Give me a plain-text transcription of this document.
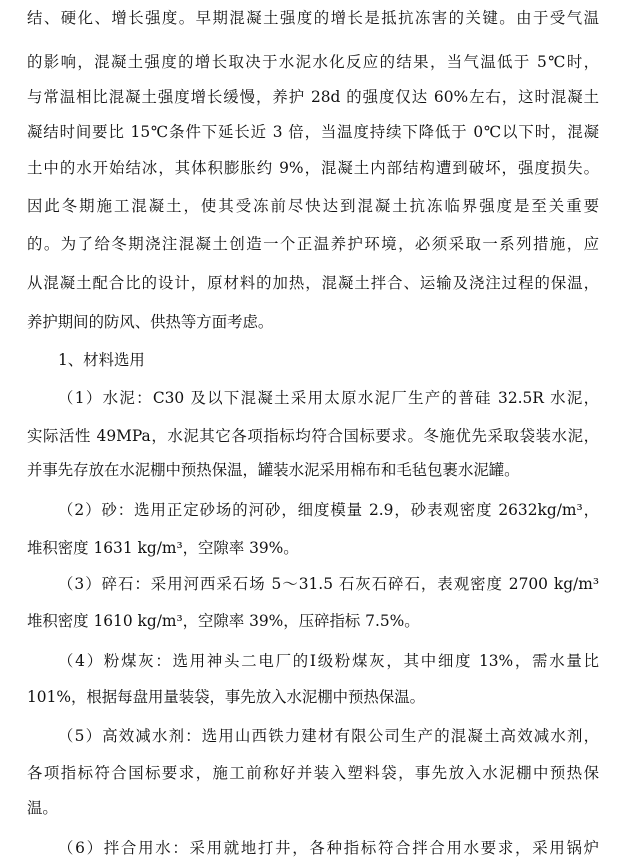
结、硬化、增长强度。早期混凝土强度的增长是抵抗冻害的关键。由于受气温
的影响，混凝土强度的增长取决于水泥水化反应的结果，当气温低于 5℃时，
与常温相比混凝土强度增长缓慢，养护 28d 的强度仅达 60%左右，这时混凝土
凝结时间要比 15℃条件下延长近 3 倍，当温度持续下降低于 0℃以下时，混凝
土中的水开始结冰，其体积膨胀约 9%，混凝土内部结构遭到破坏，强度损失。
因此冬期施工混凝土，使其受冻前尽快达到混凝土抗冻临界强度是至关重要
的。为了给冬期浇注混凝土创造一个正温养护环境，必须采取一系列措施，应
从混凝土配合比的设计，原材料的加热，混凝土拌合、运输及浇注过程的保温，
养护期间的防风、供热等方面考虑。
1、材料选用
（1）水泥：C30 及以下混凝土采用太原水泥厂生产的普硅 32.5R 水泥，
实际活性 49MPa，水泥其它各项指标均符合国标要求。冬施优先采取袋装水泥，
并事先存放在水泥棚中预热保温，罐装水泥采用棉布和毛毡包裹水泥罐。
（2）砂：选用正定砂场的河砂，细度模量 2.9，砂表观密度 2632kg/m³，
堆积密度 1631 kg/m³，空隙率 39%。
（3）碎石：采用河西采石场 5～31.5 石灰石碎石，表观密度 2700 kg/m³
堆积密度 1610 kg/m³，空隙率 39%，压碎指标 7.5%。
（4）粉煤灰：选用神头二电厂的Ⅰ级粉煤灰，其中细度 13%，需水量比
101%，根据每盘用量装袋，事先放入水泥棚中预热保温。
（5）高效减水剂：选用山西铁力建材有限公司生产的混凝土高效减水剂，
各项指标符合国标要求，施工前称好并装入塑料袋，事先放入水泥棚中预热保
温。
（6）拌合用水：采用就地打井，各种指标符合拌合用水要求，采用锅炉
